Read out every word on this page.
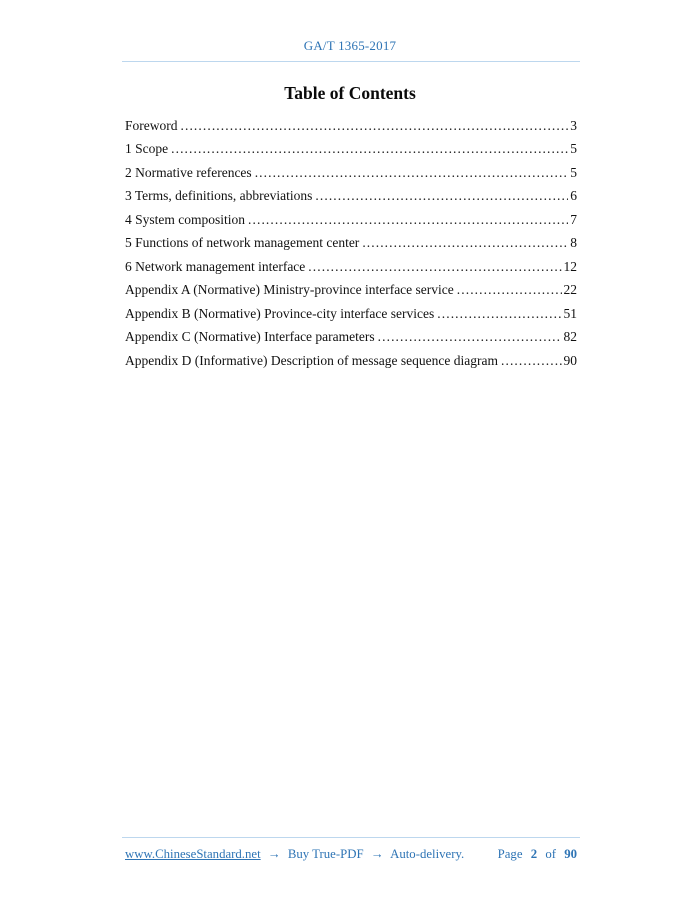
GA/T 1365-2017
Table of Contents
Foreword .....	3
1 Scope .....	5
2 Normative references .....	5
3 Terms, definitions, abbreviations .....	6
4 System composition .....	7
5 Functions of network management center .....	8
6 Network management interface .....	12
Appendix A (Normative) Ministry-province interface service .....	22
Appendix B (Normative) Province-city interface services .....	51
Appendix C (Normative) Interface parameters .....	82
Appendix D (Informative) Description of message sequence diagram .....	90
www.ChineseStandard.net → Buy True-PDF → Auto-delivery.	Page 2 of 90
